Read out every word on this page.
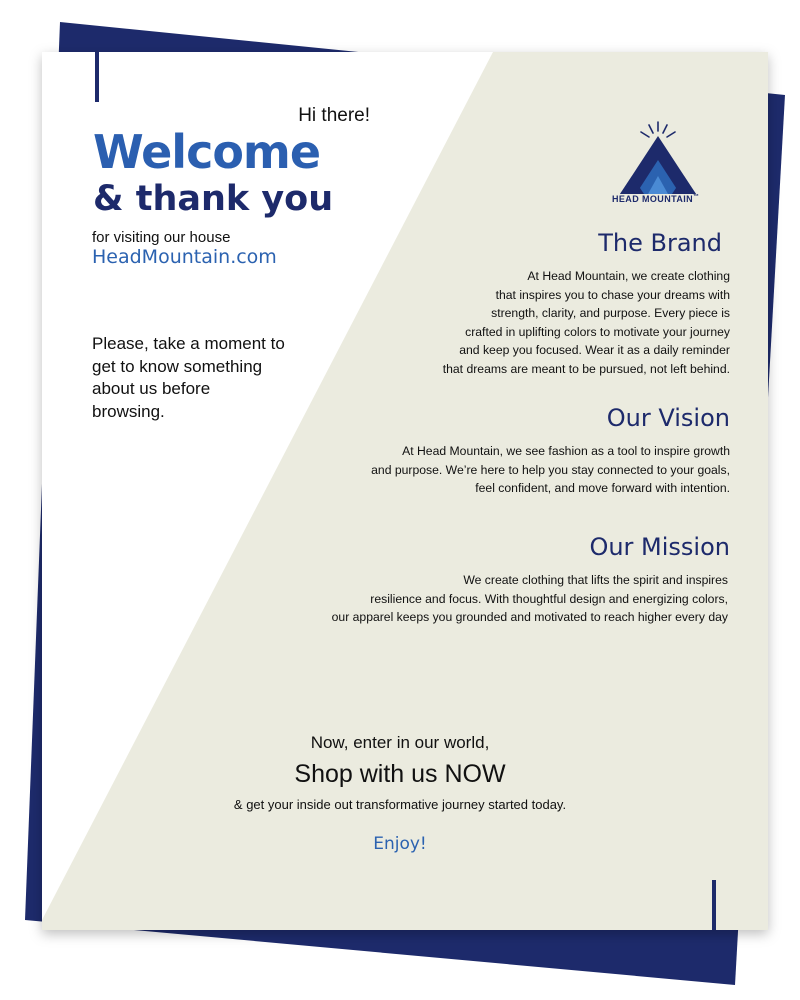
Hi there!

Welcome

& thank you

for visiting our house

HeadMountain.com

Please, take a moment to
get to know something
about us before
browsing.

HEAD MOUNTAIN™

The Brand

At Head Mountain, we create clothing
that inspires you to chase your dreams with
strength, clarity, and purpose. Every piece is
crafted in uplifting colors to motivate your journey
and keep you focused. Wear it as a daily reminder
that dreams are meant to be pursued, not left behind.

Our Vision

At Head Mountain, we see fashion as a tool to inspire growth
and purpose. We’re here to help you stay connected to your goals,
feel confident, and move forward with intention.

Our Mission

We create clothing that lifts the spirit and inspires
resilience and focus. With thoughtful design and energizing colors,
our apparel keeps you grounded and motivated to reach higher every day
Now, enter in our world,
Shop with us NOW
& get your inside out transformative journey started today.
Enjoy!
